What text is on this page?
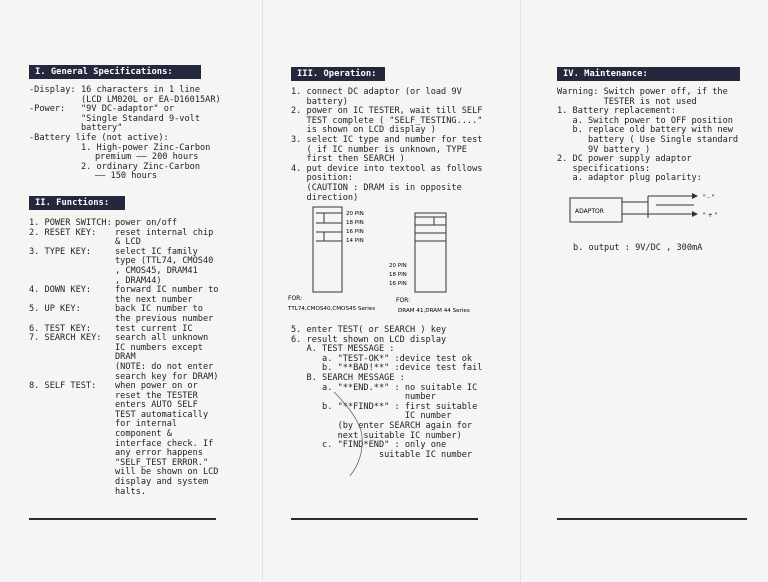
I. General Specifications:
-Display: 16 characters in 1 line
(LCD LM020L or EA-D16015AR)
-Power:	"9V DC-adaptor" or
"Single Standard 9-volt
battery"
-Battery life (not active):
1. High-power Zinc-Carbon
premium —— 200 hours
2. ordinary Zinc-Carbon
—— 150 hours
II. Functions:
1. POWER SWITCH: power on/off
2. RESET KEY:	reset internal chip
& LCD
3. TYPE KEY:	select IC family
type (TTL74, CMOS40
, CMOS45, DRAM41
, DRAM44)
4. DOWN KEY:	forward IC number to
the next number
5. UP KEY:	back IC number to
the previous number
6. TEST KEY:	test current IC
7. SEARCH KEY:	search all unknown
IC numbers except
DRAM
(NOTE: do not enter
search key for DRAM)
8. SELF TEST:	when power on or
reset the TESTER
enters AUTO SELF
TEST automatically
for internal
component &
interface check. If
any error happens
"SELF_TEST ERROR."
will be shown on LCD
display and system
halts.
III. Operation:
1. connect DC adaptor (or load 9V
battery)
2. power on IC TESTER, wait till SELF
TEST complete ( "SELF_TESTING...."
is shown on LCD display )
3. select IC type and number for test
( if IC number is unknown, TYPE
first then SEARCH )
4. put device into textool as follows
position:
(CAUTION : DRAM is in opposite
direction)
20 PIN
18 PIN
16 PIN
14 PIN
20 PIN
18 PIN
16 PIN
FOR:
TTL74,CMOS40,CMOS45 Series
FOR:
DRAM 41,DRAM 44 Series
5. enter TEST( or SEARCH ) key
6. result shown on LCD display
A. TEST MESSAGE :
a. "TEST-OK*" :device test ok
b. "**BAD!**" :device test fail
B. SEARCH MESSAGE :
a. "**END.**" : no suitable IC
number
b. "**FIND**" : first suitable
IC number
(by enter SEARCH again for
next suitable IC number)
c. "FIND*END" : only one
suitable IC number
IV. Maintenance:
Warning: Switch power off, if the
TESTER is not used
1. Battery replacement:
a. Switch power to OFF position
b. replace old battery with new
battery ( Use Single standard
9V battery )
2. DC power supply adaptor
specifications:
a. adaptor plug polarity:
ADAPTOR
" - "
" + "
b. output : 9V/DC , 300mA
